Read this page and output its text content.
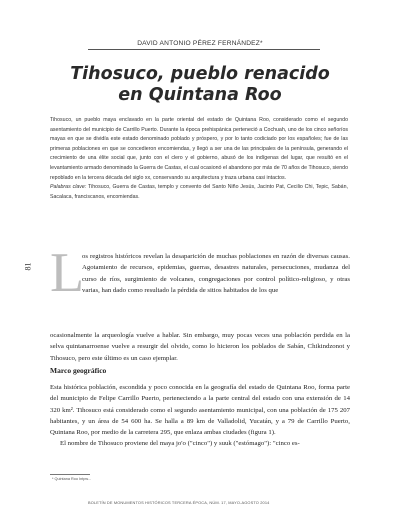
DAVID ANTONIO PÉREZ FERNÁNDEZ*
Tihosuco, pueblo renacido
en Quintana Roo

Tihosuco, un pueblo maya enclavado en la parte oriental del estado de Quintana Roo, considerado como el segundo asentamiento del municipio de Carrillo Puerto. Durante la época prehispánica perteneció a Cochuah, uno de los cinco señoríos mayas en que se dividía este estado denominado poblado y próspero, y por lo tanto codiciado por los españoles; fue de las primeras poblaciones en que se concedieron encomiendas, y llegó a ser una de las principales de la península, generando el crecimiento de una élite social que, junto con el clero y el gobierno, abusó de los indígenas del lugar, que resultó en el levantamiento armado denominado la Guerra de Castas, el cual ocasionó el abandono por más de 70 años de Tihosuco, siendo repoblado en la tercera década del siglo xx, conservando su arquitectura y traza urbana casi intactos.

Palabras clave: Tihosuco, Guerra de Castas, templo y convento del Santo Niño Jesús, Jacinto Pat, Cecilio Chi, Tepic, Sabán, Sacalaca, franciscanos, encomiendas.

81 L
os registros históricos revelan la desaparición de muchas poblaciones en razón de diversas causas. Agotamiento de recursos, epidemias, guerras, desastres naturales, persecuciones, mudanza del curso de ríos, surgimiento de volcanes, congregaciones por control político-religioso, y otras varias, han dado como resultado la pérdida de sitios habitados de los que
ocasionalmente la arqueología vuelve a hablar. Sin embargo, muy pocas veces una población perdida en la selva quintanarroense vuelve a resurgir del olvido, como lo hicieron los poblados de Sabán, Chikindzonot y Tihosuco, pero este último es un caso ejemplar.
Marco geográfico

Esta histórica población, escondida y poco conocida en la geografía del estado de Quintana Roo, forma parte del municipio de Felipe Carrillo Puerto, perteneciendo a la parte central del estado con una extensión de 14 320 km². Tihosuco está considerado como el segundo asentamiento municipal, con una población de 175 207 habitantes, y un área de 54 600 ha. Se halla a 89 km de Valladolid, Yucatán, y a 79 de Carrillo Puerto, Quintana Roo, por medio de la carretera 295, que enlaza ambas ciudades (figura 1).

El nombre de Tihosuco proviene del maya jo'o ("cinco") y suuk ("estómago"): "cinco es-

* Quintana Roo Intpw...
BOLETÍN DE MONUMENTOS HISTÓRICOS TERCERA ÉPOCA, NÚM. 17, MAYO-AGOSTO 2014
